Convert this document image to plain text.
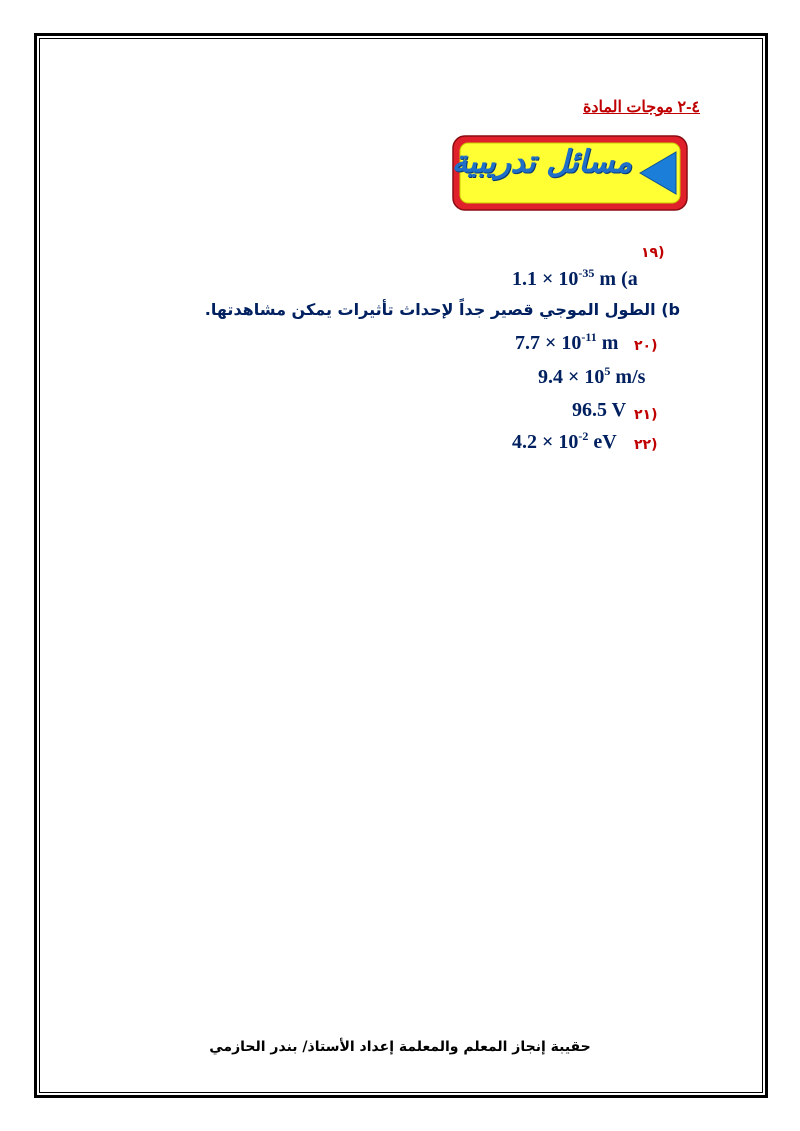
٤-٢ موجات المادة
مسائل تدريبية
١٩)
$1.1 \times 10^{-35}$ m (a
b) الطول الموجي قصير جداً لإحداث تأثيرات يمكن مشاهدتها.
$7.7 \times 10^{-11}$ m ٢٠)
$9.4 \times 10^5$ m/s
96.5 V ٢١)
$4.2 \times 10^{-2}$ eV ٢٢)
حقيبة إنجاز المعلم والمعلمة إعداد الأستاذ/ بندر الحازمي
